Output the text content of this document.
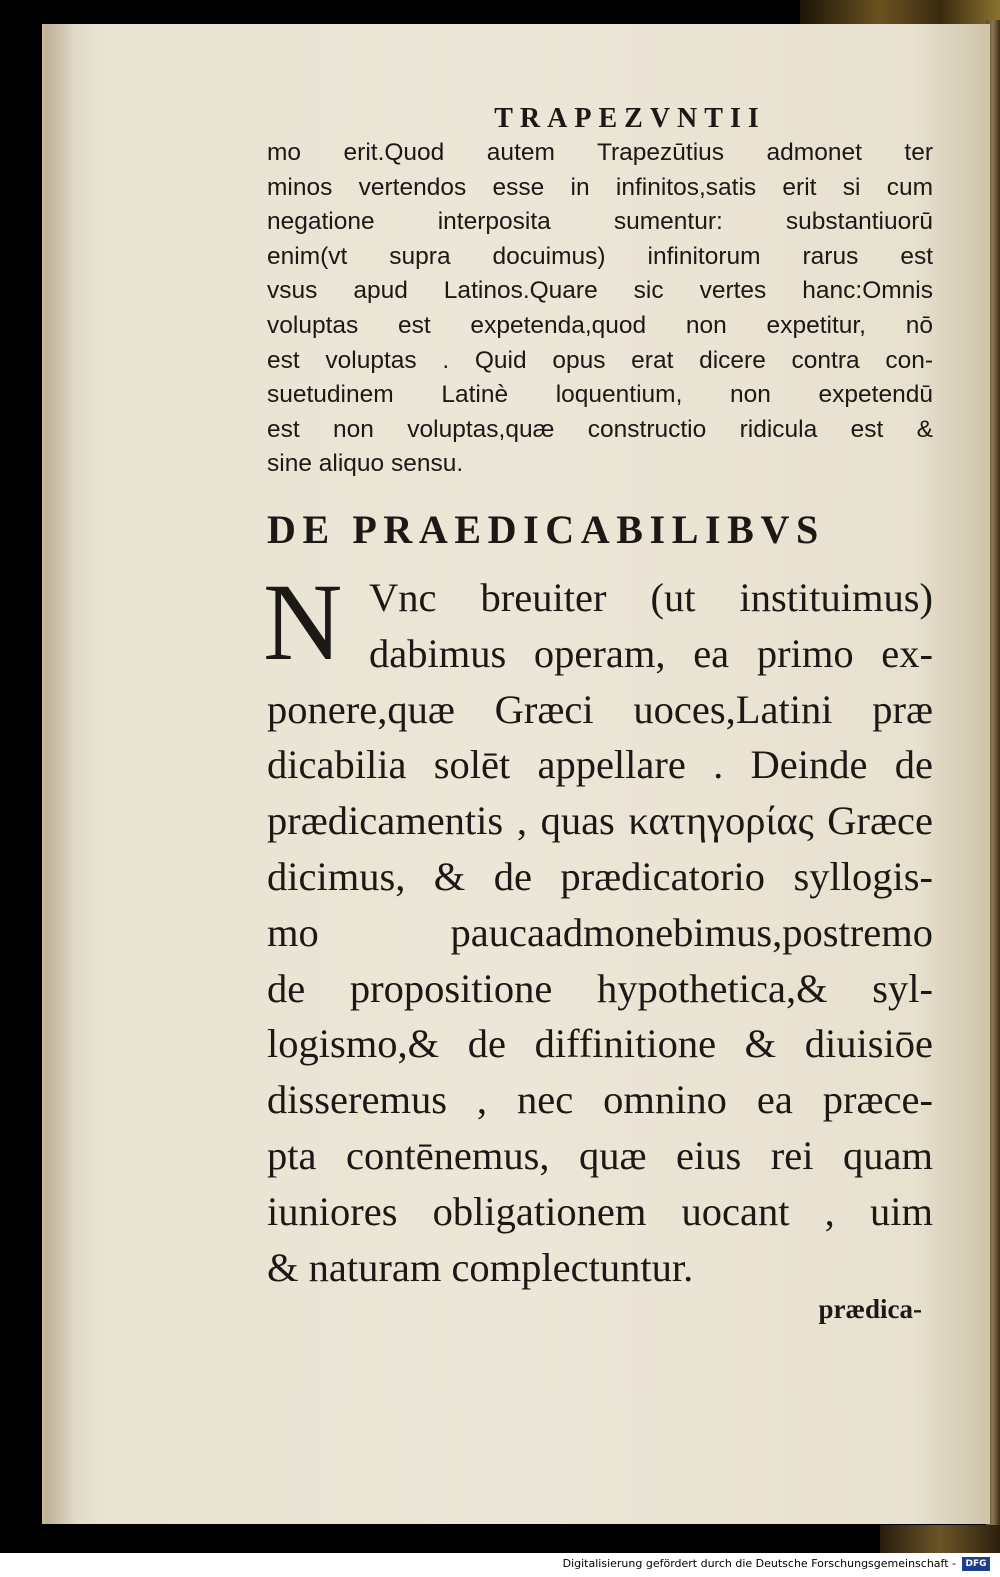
TRAPEZVNTII
mo erit.Quod autem Trapezūtius admonet ter
minos vertendos esse in infinitos,satis erit si cum
negatione interposita sumentur: substantiuorū
enim(vt supra docuimus) infinitorum rarus est
vsus apud Latinos.Quare sic vertes hanc:Omnis
voluptas est expetenda,quod non expetitur, nō
est voluptas . Quid opus erat dicere contra con-
suetudinem Latinè loquentium, non expetendū
est non voluptas,quæ constructio ridicula est &
sine aliquo sensu.
DE PRAEDICABILIBVS
N Vnc breuiter (ut instituimus)
dabimus operam, ea primo ex-
ponere,quæ Græci uoces,Latini præ
dicabilia solēt appellare . Deinde de
prædicamentis , quas κατηγορίας Græce
dicimus, & de prædicatorio syllogis-
mo paucaadmonebimus,postremo
de propositione hypothetica,& syl-
logismo,& de diffinitione & diuisiōe
disseremus , nec omnino ea præce-
pta contēnemus, quæ eius rei quam
iuniores obligationem uocant , uim
& naturam complectuntur.
prædica-
Digitalisierung gefördert durch die Deutsche Forschungsgemeinschaft -	DFG
